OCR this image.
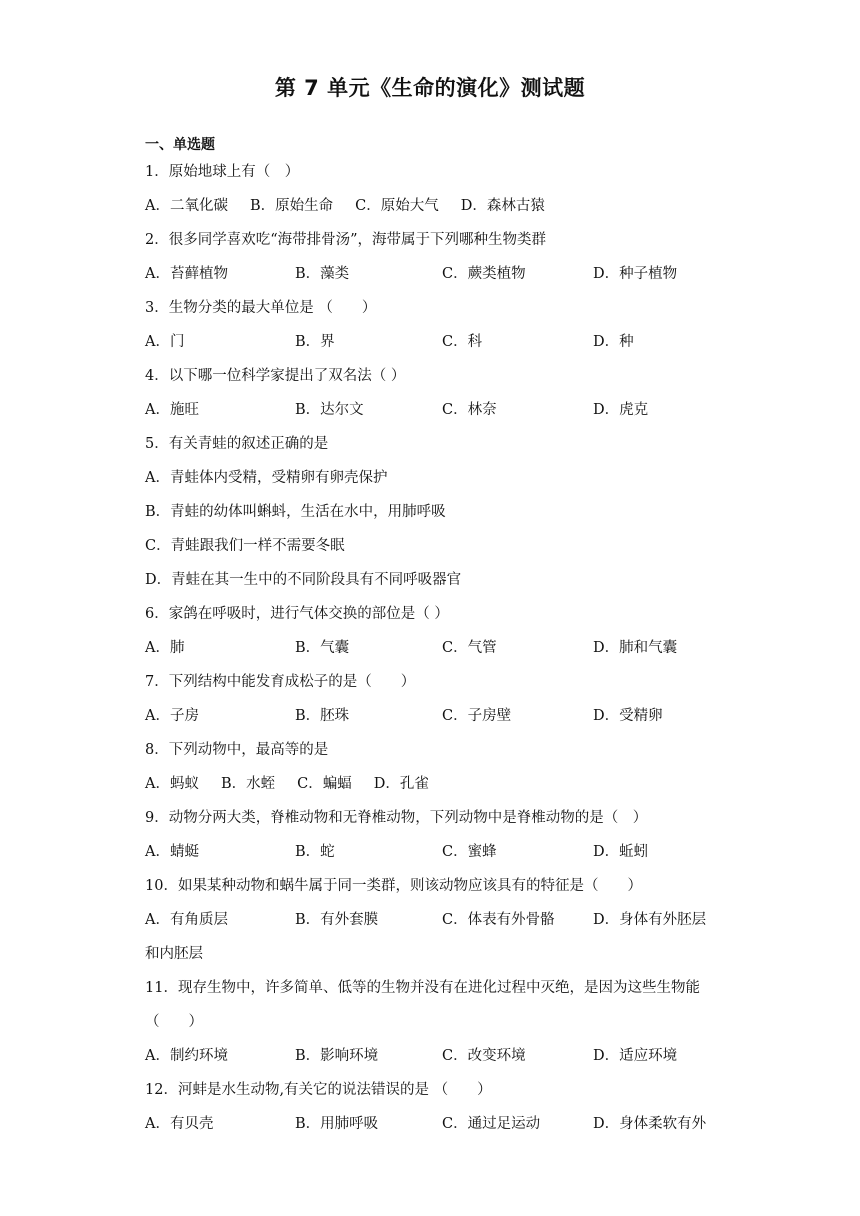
第 7 单元《生命的演化》测试题
一、单选题
1．原始地球上有（　）
A．二氧化碳 B．原始生命 C．原始大气 D．森林古猿
2．很多同学喜欢吃“海带排骨汤”，海带属于下列哪种生物类群
A．苔藓植物	B．藻类	C．蕨类植物	D．种子植物
3．生物分类的最大单位是 （　　）
A．门	B．界	C．科	D．种
4．以下哪一位科学家提出了双名法（ ）
A．施旺	B．达尔文	C．林奈	D．虎克
5．有关青蛙的叙述正确的是
A．青蛙体内受精，受精卵有卵壳保护
B．青蛙的幼体叫蝌蚪，生活在水中，用肺呼吸
C．青蛙跟我们一样不需要冬眠
D．青蛙在其一生中的不同阶段具有不同呼吸器官
6．家鸽在呼吸时，进行气体交换的部位是（ ）
A．肺	B．气囊	C．气管	D．肺和气囊
7．下列结构中能发育成松子的是（　　）
A．子房	B．胚珠	C．子房壁	D．受精卵
8．下列动物中，最高等的是
A．蚂蚁 B．水蛭 C．蝙蝠 D．孔雀
9．动物分两大类，脊椎动物和无脊椎动物，下列动物中是脊椎动物的是（　）
A．蜻蜓	B．蛇	C．蜜蜂	D．蚯蚓
10．如果某种动物和蜗牛属于同一类群，则该动物应该具有的特征是（　　）
A．有角质层	B．有外套膜	C．体表有外骨骼	D．身体有外胚层
和内胚层
11．现存生物中，许多简单、低等的生物并没有在进化过程中灭绝，是因为这些生物能
（　　）
A．制约环境	B．影响环境	C．改变环境	D．适应环境
12．河蚌是水生动物,有关它的说法错误的是 （　　）
A．有贝壳	B．用肺呼吸	C．通过足运动	D．身体柔软有外
